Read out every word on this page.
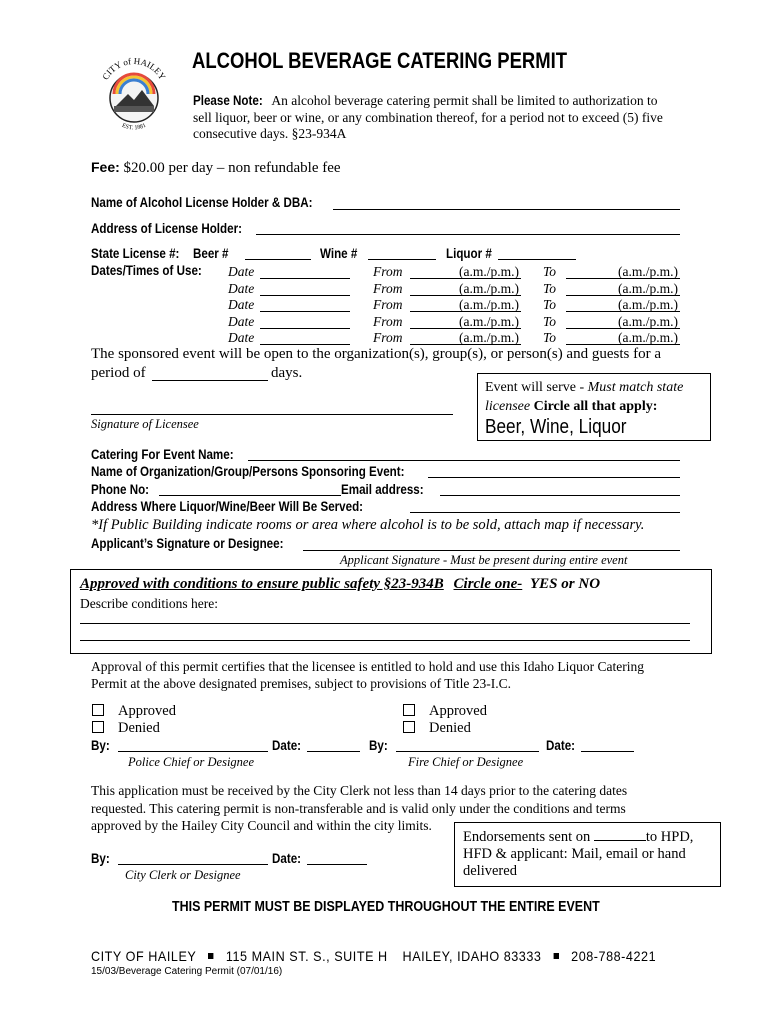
CITY of HAILEY
EST. 1881
ALCOHOL BEVERAGE CATERING PERMIT
Please Note: An alcohol beverage catering permit shall be limited to authorization to
sell liquor, beer or wine, or any combination thereof, for a period not to exceed (5) five
consecutive days. §23-934A
Fee: $20.00 per day – non refundable fee
Name of Alcohol License Holder & DBA:
Address of License Holder:
State License #: Beer #	Wine #	Liquor #
Dates/Times of Use: Date	From	(a.m./p.m.) To	(a.m./p.m.)
Date	From	(a.m./p.m.) To	(a.m./p.m.)
Date	From	(a.m./p.m.) To	(a.m./p.m.)
Date	From	(a.m./p.m.) To	(a.m./p.m.)
Date	From	(a.m./p.m.) To	(a.m./p.m.)
The sponsored event will be open to the organization(s), group(s), or person(s) and guests for a
period of	days.
Signature of Licensee
Event will serve - Must match state
licensee Circle all that apply:
Beer, Wine, Liquor
Catering For Event Name:
Name of Organization/Group/Persons Sponsoring Event:
Phone No:	Email address:
Address Where Liquor/Wine/Beer Will Be Served:
*If Public Building indicate rooms or area where alcohol is to be sold, attach map if necessary.
Applicant’s Signature or Designee:
Applicant Signature - Must be present during entire event
Approved with conditions to ensure public safety §23-934B Circle one- YES or NO
Describe conditions here:
Approval of this permit certifies that the licensee is entitled to hold and use this Idaho Liquor Catering
Permit at the above designated premises, subject to provisions of Title 23-I.C.
Approved
Denied
By:	Date:
Police Chief or Designee
Approved
Denied
By:	Date:
Fire Chief or Designee
This application must be received by the City Clerk not less than 14 days prior to the catering dates
requested. This catering permit is non-transferable and is valid only under the conditions and terms
approved by the Hailey City Council and within the city limits.
Endorsements sent on	to HPD,
HFD & applicant: Mail, email or hand
delivered
By:	Date:
City Clerk or Designee
THIS PERMIT MUST BE DISPLAYED THROUGHOUT THE ENTIRE EVENT
CITY OF HAILEY 115 MAIN ST. S., SUITE H HAILEY, IDAHO 83333 208-788-4221
15/03/Beverage Catering Permit (07/01/16)
